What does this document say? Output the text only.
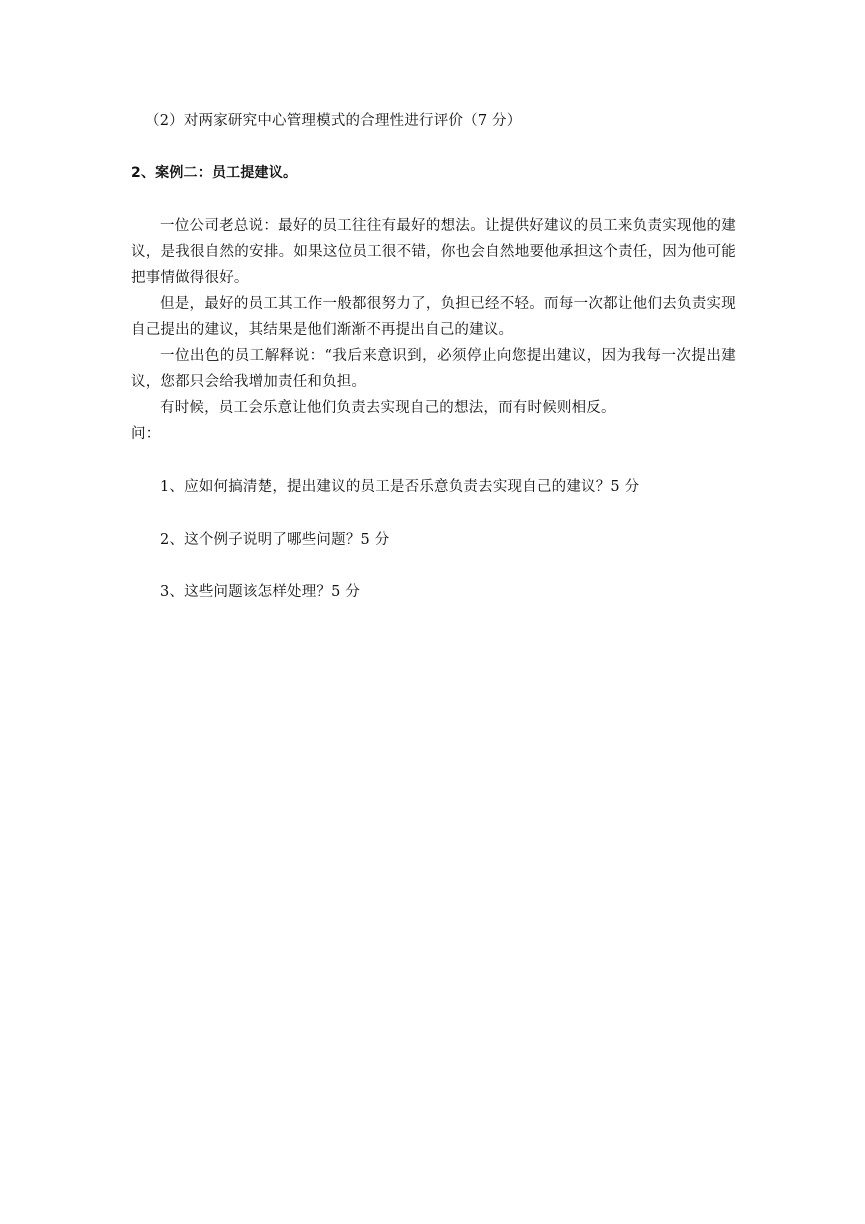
（2）对两家研究中心管理模式的合理性进行评价（7 分）
2、案例二：员工提建议。
一位公司老总说：最好的员工往往有最好的想法。让提供好建议的员工来负责实现他的建议，是我很自然的安排。如果这位员工很不错，你也会自然地要他承担这个责任，因为他可能把事情做得很好。
但是，最好的员工其工作一般都很努力了，负担已经不轻。而每一次都让他们去负责实现自己提出的建议，其结果是他们渐渐不再提出自己的建议。
一位出色的员工解释说：“我后来意识到，必须停止向您提出建议，因为我每一次提出建议，您都只会给我增加责任和负担。
有时候，员工会乐意让他们负责去实现自己的想法，而有时候则相反。
问：
1、应如何搞清楚，提出建议的员工是否乐意负责去实现自己的建议？5 分
2、这个例子说明了哪些问题？5 分
3、这些问题该怎样处理？5 分
